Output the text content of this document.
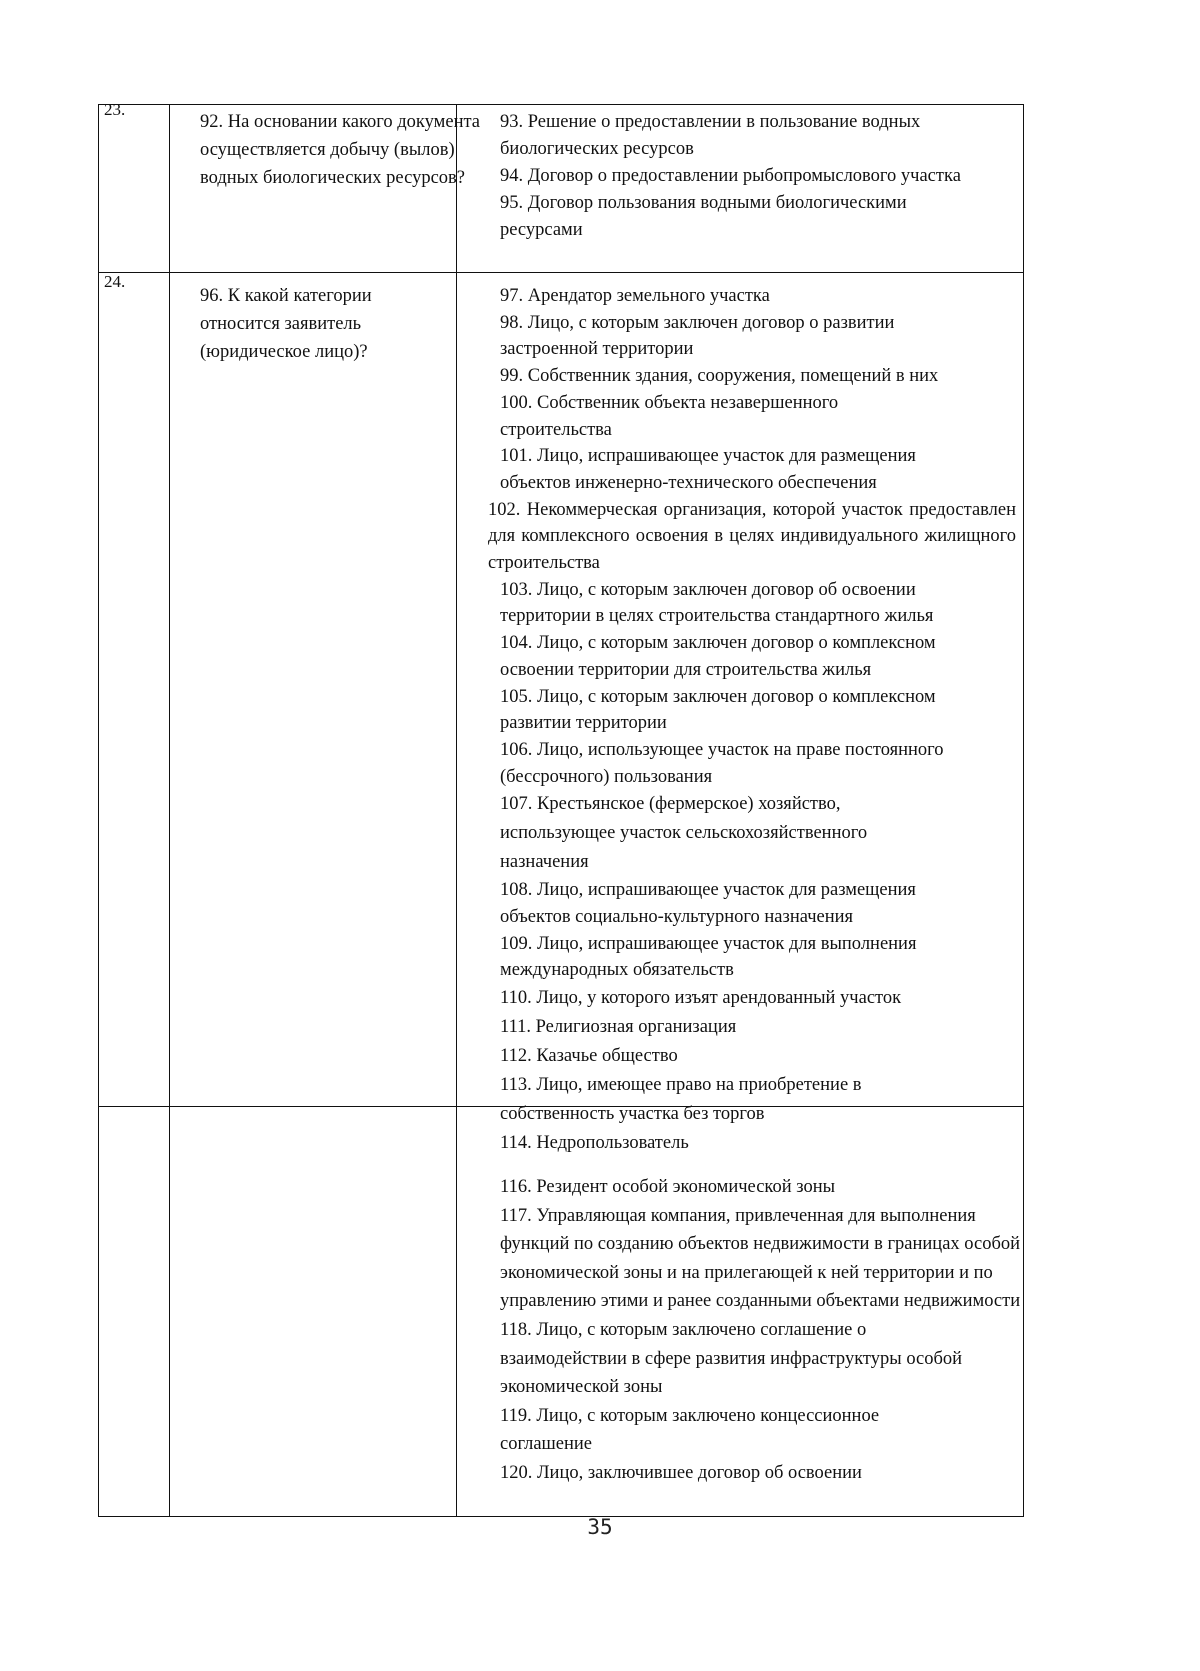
23.
92. На основании какого документа осуществляется добычу (вылов) водных биологических ресурсов?
93. Решение о предоставлении в пользование водных биологических ресурсов
94. Договор о предоставлении рыбопромыслового участка
95. Договор пользования водными биологическими ресурсами
24.
96. К какой категории относится заявитель (юридическое лицо)?
97. Арендатор земельного участка
98. Лицо, с которым заключен договор о развитии застроенной территории
99. Собственник здания, сооружения, помещений в них
100. Собственник объекта незавершенного строительства
101. Лицо, испрашивающее участок для размещения объектов инженерно-технического обеспечения
102. Некоммерческая организация, которой участок предоставлен для комплексного освоения в целях индивидуального жилищного строительства
103. Лицо, с которым заключен договор об освоении территории в целях строительства стандартного жилья
104. Лицо, с которым заключен договор о комплексном освоении территории для строительства жилья
105. Лицо, с которым заключен договор о комплексном развитии территории
106. Лицо, использующее участок на праве постоянного (бессрочного) пользования
107. Крестьянское (фермерское) хозяйство, использующее участок сельскохозяйственного назначения
108. Лицо, испрашивающее участок для размещения объектов социально-культурного назначения
109. Лицо, испрашивающее участок для выполнения международных обязательств
110. Лицо, у которого изъят арендованный участок
111. Религиозная организация
112. Казачье общество
113. Лицо, имеющее право на приобретение в собственность участка без торгов
114. Недропользователь
116. Резидент особой экономической зоны
117. Управляющая компания, привлеченная для выполнения функций по созданию объектов недвижимости в границах особой экономической зоны и на прилегающей к ней территории и по управлению этими и ранее созданными объектами недвижимости
118. Лицо, с которым заключено соглашение о взаимодействии в сфере развития инфраструктуры особой экономической зоны
119. Лицо, с которым заключено концессионное соглашение
120. Лицо, заключившее договор об освоении
35
